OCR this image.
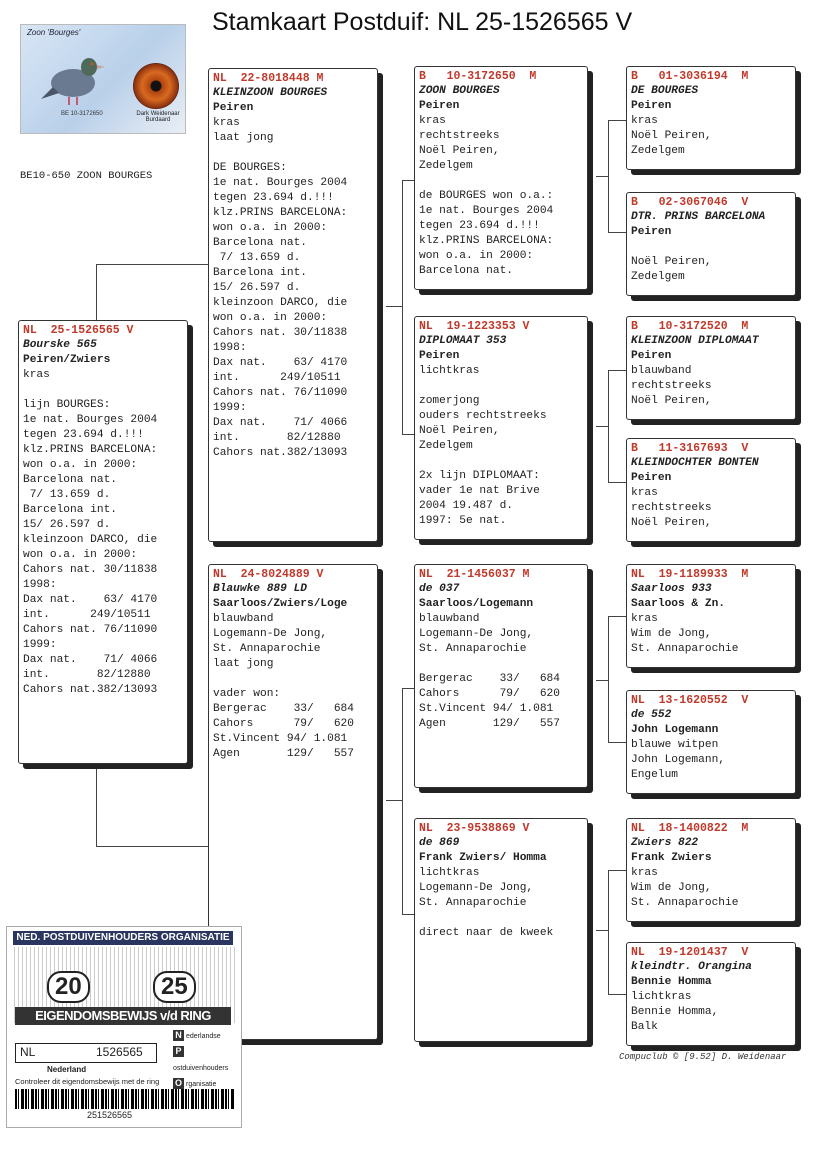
Stamkaart Postduif: NL 25-1526565 V
Zoon 'Bourges'
BE 10-3172650	Dark Weidenaar Burdaard
BE10-650 ZOON BOURGES
NL  25-1526565 V
Bourske 565
Peiren/Zwiers
kras
lijn BOURGES:
1e nat. Bourges 2004
tegen 23.694 d.!!!
klz.PRINS BARCELONA:
won o.a. in 2000:
Barcelona nat.
7/ 13.659 d.
Barcelona int.
15/ 26.597 d.
kleinzoon DARCO, die
won o.a. in 2000:
Cahors nat. 30/11838
1998:
Dax nat.    63/ 4170
int.      249/10511
Cahors nat. 76/11090
1999:
Dax nat.    71/ 4066
int.       82/12880
Cahors nat.382/13093
NL  22-8018448 M
KLEINZOON BOURGES
Peiren
kras
laat jong
DE BOURGES:
1e nat. Bourges 2004
tegen 23.694 d.!!!
klz.PRINS BARCELONA:
won o.a. in 2000:
Barcelona nat.
7/ 13.659 d.
Barcelona int.
15/ 26.597 d.
kleinzoon DARCO, die
won o.a. in 2000:
Cahors nat. 30/11838
1998:
Dax nat.    63/ 4170
int.      249/10511
Cahors nat. 76/11090
1999:
Dax nat.    71/ 4066
int.       82/12880
Cahors nat.382/13093
NL  24-8024889 V
Blauwke 889 LD
Saarloos/Zwiers/Loge
blauwband
Logemann-De Jong,
St. Annaparochie
laat jong
vader won:
Bergerac    33/   684
Cahors      79/   620
St.Vincent 94/ 1.081
Agen       129/   557
B   10-3172650  M
ZOON BOURGES
Peiren
kras
rechtstreeks
Noël Peiren,
Zedelgem
de BOURGES won o.a.:
1e nat. Bourges 2004
tegen 23.694 d.!!!
klz.PRINS BARCELONA:
won o.a. in 2000:
Barcelona nat.
NL  19-1223353 V
DIPLOMAAT 353
Peiren
lichtkras
zomerjong
ouders rechtstreeks
Noël Peiren,
Zedelgem
2x lijn DIPLOMAAT:
vader 1e nat Brive
2004 19.487 d.
1997: 5e nat.
NL  21-1456037 M
de 037
Saarloos/Logemann
blauwband
Logemann-De Jong,
St. Annaparochie
Bergerac    33/   684
Cahors      79/   620
St.Vincent 94/ 1.081
Agen       129/   557
NL  23-9538869 V
de 869
Frank Zwiers/ Homma
lichtkras
Logemann-De Jong,
St. Annaparochie
direct naar de kweek
B   01-3036194  M
DE BOURGES
Peiren
kras
Noël Peiren,
Zedelgem
B   02-3067046  V
DTR. PRINS BARCELONA
Peiren
Noël Peiren,
Zedelgem
B   10-3172520  M
KLEINZOON DIPLOMAAT
Peiren
blauwband
rechtstreeks
Noël Peiren,
B   11-3167693  V
KLEINDOCHTER BONTEN
Peiren
kras
rechtstreeks
Noël Peiren,
NL  19-1189933  M
Saarloos 933
Saarloos & Zn.
kras
Wim de Jong,
St. Annaparochie
NL  13-1620552  V
de 552
John Logemann
blauwe witpen
John Logemann,
Engelum
NL  18-1400822  M
Zwiers 822
Frank Zwiers
kras
Wim de Jong,
St. Annaparochie
NL  19-1201437  V
kleindtr. Orangina
Bennie Homma
lichtkras
Bennie Homma,
Balk
Compuclub © [9.52] D. Weidenaar
NED. POSTDUIVENHOUDERS ORGANISATIE
20	25
EIGENDOMSBEWIJS v/d RING
NL	1526565
Nederland
N ederlandse
Postduivenhouders
O rganisatie
Controleer dit eigendomsbewijs met de ring
251526565
